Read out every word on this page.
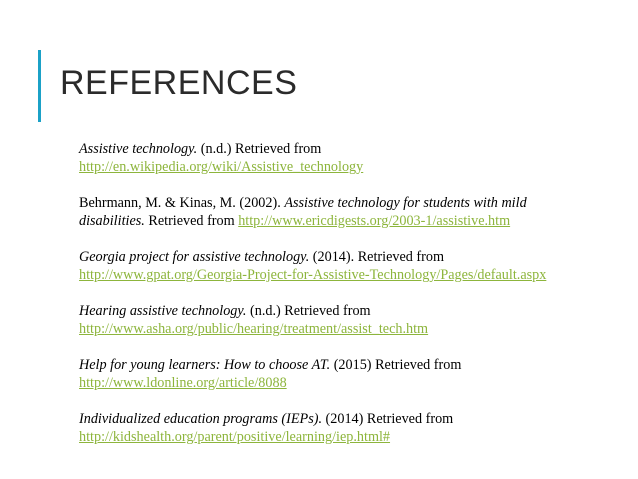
REFERENCES

Assistive technology. (n.d.) Retrieved from
http://en.wikipedia.org/wiki/Assistive_technology

Behrmann, M. & Kinas, M. (2002). Assistive technology for students with mild
disabilities. Retrieved from http://www.ericdigests.org/2003-1/assistive.htm

Georgia project for assistive technology. (2014). Retrieved from
http://www.gpat.org/Georgia-Project-for-Assistive-Technology/Pages/default.aspx

Hearing assistive technology. (n.d.) Retrieved from
http://www.asha.org/public/hearing/treatment/assist_tech.htm

Help for young learners: How to choose AT. (2015) Retrieved from
http://www.ldonline.org/article/8088

Individualized education programs (IEPs). (2014) Retrieved from
http://kidshealth.org/parent/positive/learning/iep.html#
